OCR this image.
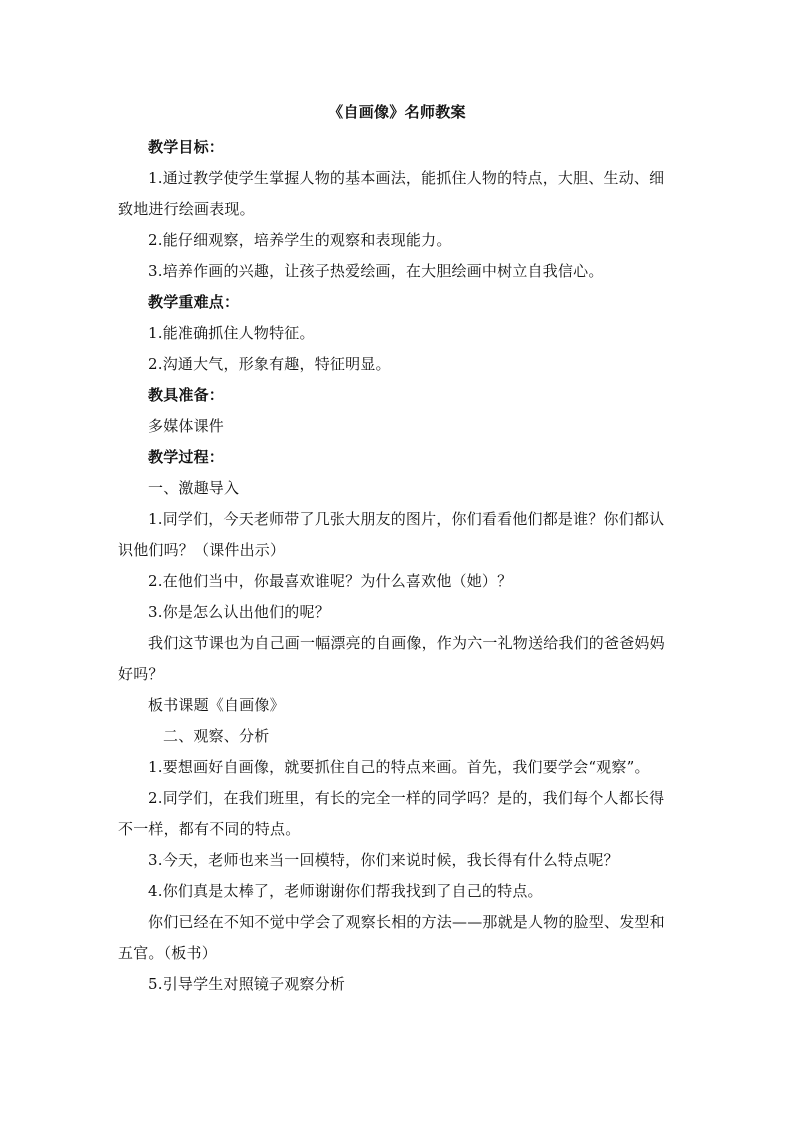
《自画像》名师教案

教学目标：

1.通过教学使学生掌握人物的基本画法，能抓住人物的特点，大胆、生动、细致地进行绘画表现。

2.能仔细观察，培养学生的观察和表现能力。

3.培养作画的兴趣，让孩子热爱绘画，在大胆绘画中树立自我信心。

教学重难点：

1.能准确抓住人物特征。

2.沟通大气，形象有趣，特征明显。

教具准备：

多媒体课件

教学过程：

一、激趣导入

1.同学们，今天老师带了几张大朋友的图片，你们看看他们都是谁？你们都认识他们吗？（课件出示）

2.在他们当中，你最喜欢谁呢？为什么喜欢他（她）？

3.你是怎么认出他们的呢？

我们这节课也为自己画一幅漂亮的自画像，作为六一礼物送给我们的爸爸妈妈好吗？

板书课题《自画像》

二、观察、分析

1.要想画好自画像，就要抓住自己的特点来画。首先，我们要学会“观察”。

2.同学们，在我们班里，有长的完全一样的同学吗？是的，我们每个人都长得不一样，都有不同的特点。

3.今天，老师也来当一回模特，你们来说时候，我长得有什么特点呢？

4.你们真是太棒了，老师谢谢你们帮我找到了自己的特点。

你们已经在不知不觉中学会了观察长相的方法——那就是人物的脸型、发型和五官。（板书）

5.引导学生对照镜子观察分析
